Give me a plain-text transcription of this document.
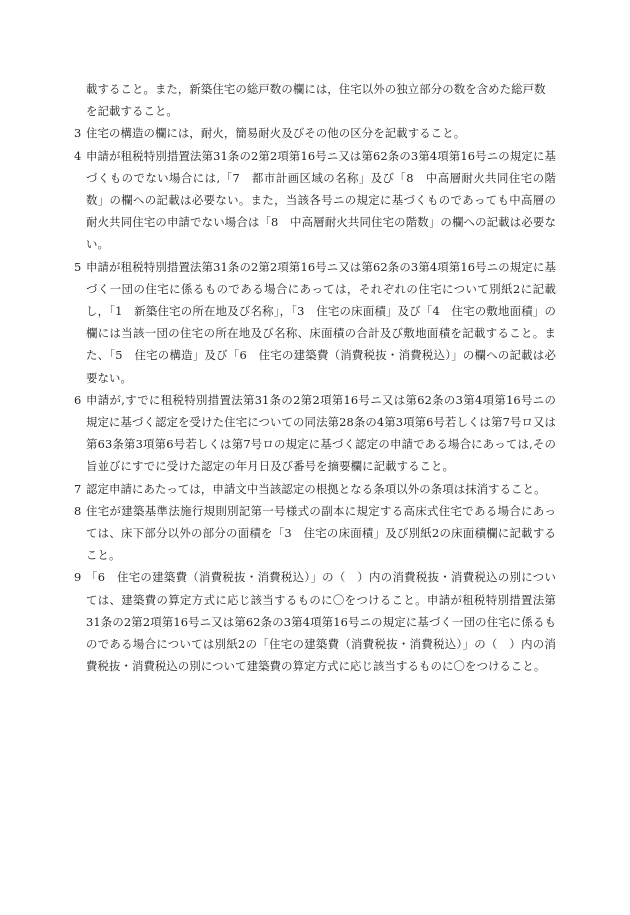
載すること。また，新築住宅の総戸数の欄には，住宅以外の独立部分の数を含めた総戸数を記載すること。

3 住宅の構造の欄には，耐火，簡易耐火及びその他の区分を記載すること。
4 申請が租税特別措置法第31条の2第2項第16号ニ又は第62条の3第4項第16号ニの規定に基づくものでない場合には,「7　都市計画区域の名称」及び「8　中高層耐火共同住宅の階数」の欄への記載は必要ない。また，当該各号ニの規定に基づくものであっても中高層の耐火共同住宅の申請でない場合は「8　中高層耐火共同住宅の階数」の欄への記載は必要ない。
5 申請が租税特別措置法第31条の2第2項第16号ニ又は第62条の3第4項第16号ニの規定に基づく一団の住宅に係るものである場合にあっては，それぞれの住宅について別紙2に記載し，「1　新築住宅の所在地及び名称」，「3　住宅の床面積」及び「4　住宅の敷地面積」の欄には当該一団の住宅の所在地及び名称、床面積の合計及び敷地面積を記載すること。また、「5　住宅の構造」及び「6　住宅の建築費（消費税抜・消費税込）」の欄への記載は必要ない。
6 申請が,すでに租税特別措置法第31条の2第2項第16号ニ又は第62条の3第4項第16号ニの規定に基づく認定を受けた住宅についての同法第28条の4第3項第6号若しくは第7号ロ又は第63条第3項第6号若しくは第7号ロの規定に基づく認定の申請である場合にあっては,その旨並びにすでに受けた認定の年月日及び番号を摘要欄に記載すること。
7 認定申請にあたっては，申請文中当該認定の根拠となる条項以外の条項は抹消すること。
8 住宅が建築基準法施行規則別記第一号様式の副本に規定する高床式住宅である場合にあっては、床下部分以外の部分の面積を「3　住宅の床面積」及び別紙2の床面積欄に記載すること。
9 「6　住宅の建築費（消費税抜・消費税込）」の（　）内の消費税抜・消費税込の別については、建築費の算定方式に応じ該当するものに〇をつけること。申請が租税特別措置法第31条の2第2項第16号ニ又は第62条の3第4項第16号ニの規定に基づく一団の住宅に係るものである場合については別紙2の「住宅の建築費（消費税抜・消費税込）」の（　）内の消費税抜・消費税込の別について建築費の算定方式に応じ該当するものに〇をつけること。
